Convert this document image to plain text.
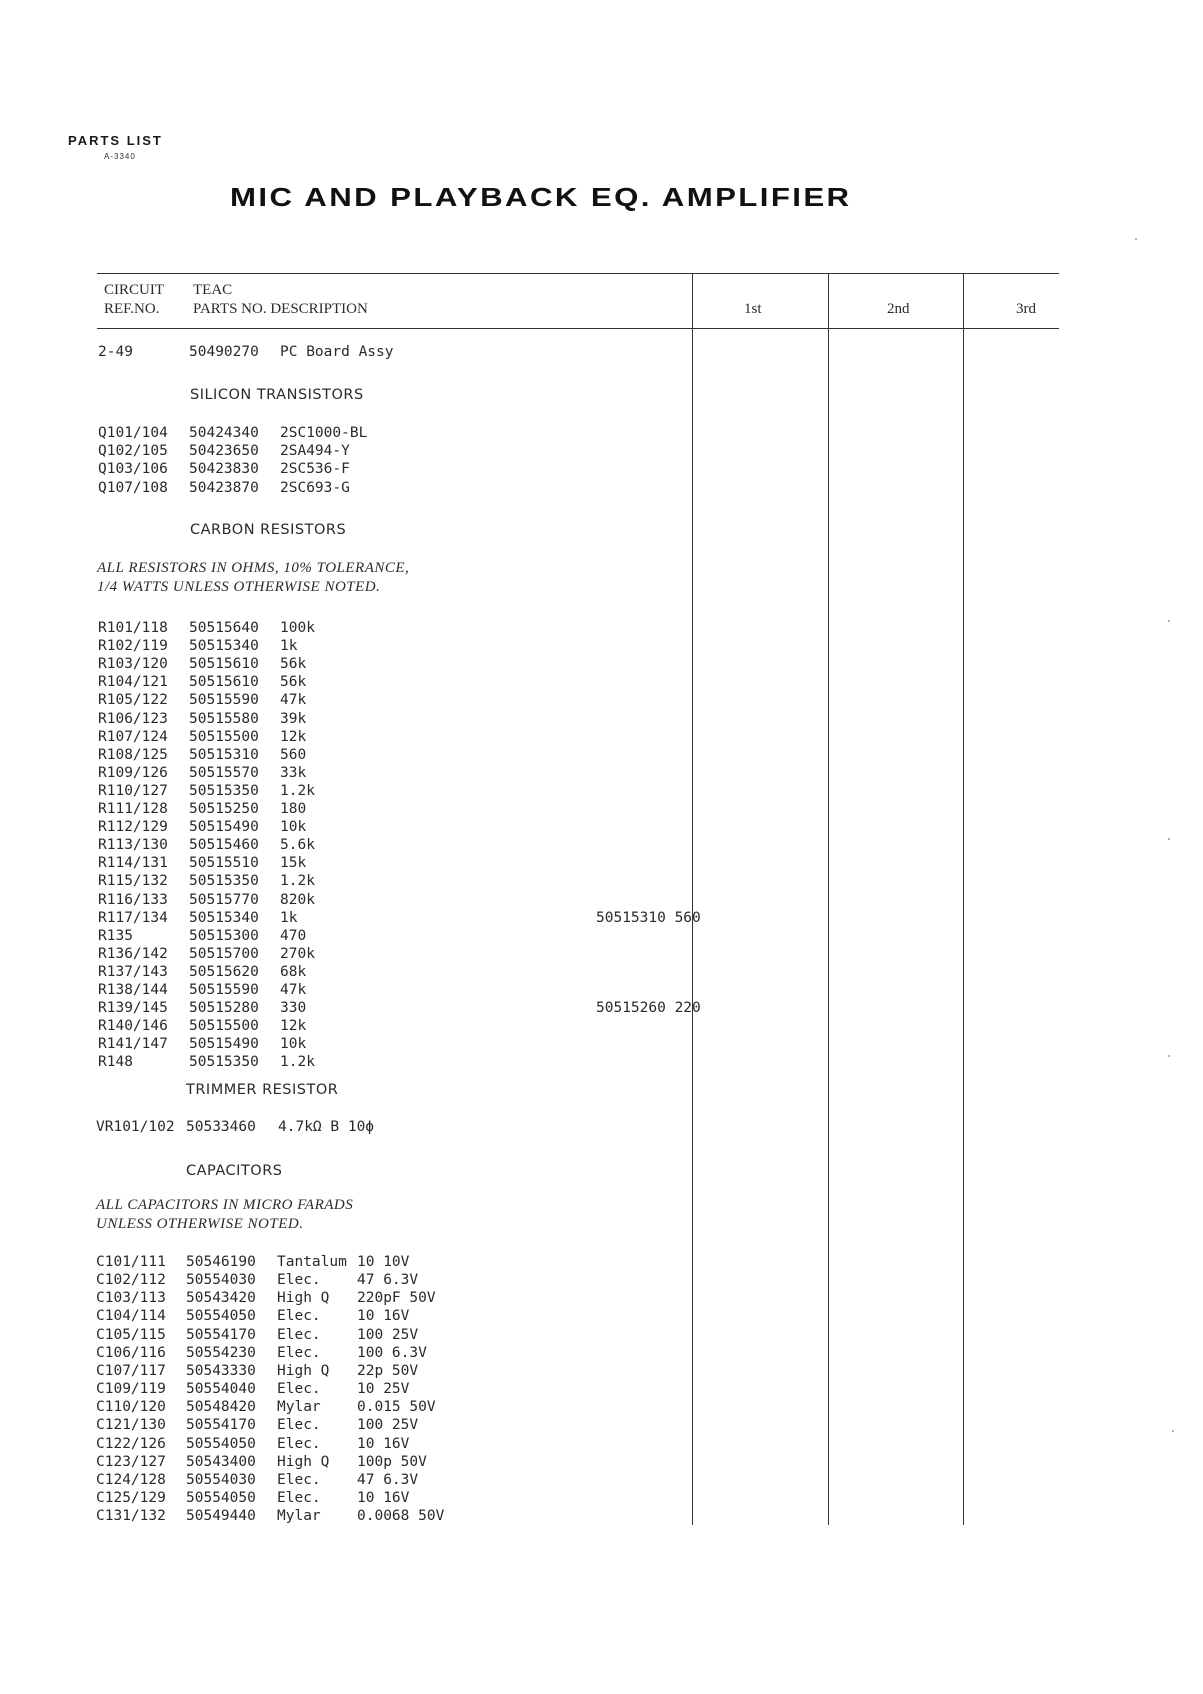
PARTS LIST
A-3340
MIC AND PLAYBACK EQ. AMPLIFIER
CIRCUIT
REF.NO.
TEAC
PARTS NO. DESCRIPTION	1st	2nd	3rd
2-49	50490270 PC Board Assy
SILICON TRANSISTORS
Q101/104 50424340 2SC1000-BL
Q102/105 50423650 2SA494-Y
Q103/106 50423830 2SC536-F
Q107/108 50423870 2SC693-G
CARBON RESISTORS
ALL RESISTORS IN OHMS, 10% TOLERANCE,
1/4 WATTS UNLESS OTHERWISE NOTED.
R101/118 50515640 100k
R102/119 50515340 1k
R103/120 50515610 56k
R104/121 50515610 56k
R105/122 50515590 47k
R106/123 50515580 39k
R107/124 50515500 12k
R108/125 50515310 560
R109/126 50515570 33k
R110/127 50515350 1.2k
R111/128 50515250 180
R112/129 50515490 10k
R113/130 50515460 5.6k
R114/131 50515510 15k
R115/132 50515350 1.2k
R116/133 50515770 820k
R117/134 50515340 1k	50515310 560
R135	50515300 470
R136/142 50515700 270k
R137/143 50515620 68k
R138/144 50515590 47k
R139/145 50515280 330	50515260 220
R140/146 50515500 12k
R141/147 50515490 10k
R148	50515350 1.2k
TRIMMER RESISTOR
VR101/102 50533460 4.7kΩ B 10ϕ
CAPACITORS
ALL CAPACITORS IN MICRO FARADS
UNLESS OTHERWISE NOTED.
C101/111 50546190 Tantalum 10 10V
C102/112 50554030 Elec.	47 6.3V
C103/113 50543420 High Q 220pF 50V
C104/114 50554050 Elec.	10 16V
C105/115 50554170 Elec.	100 25V
C106/116 50554230 Elec.	100 6.3V
C107/117 50543330 High Q 22p 50V
C109/119 50554040 Elec.	10 25V
C110/120 50548420 Mylar	0.015 50V
C121/130 50554170 Elec.	100 25V
C122/126 50554050 Elec.	10 16V
C123/127 50543400 High Q 100p 50V
C124/128 50554030 Elec.	47 6.3V
C125/129 50554050 Elec.	10 16V
C131/132 50549440 Mylar	0.0068 50V
